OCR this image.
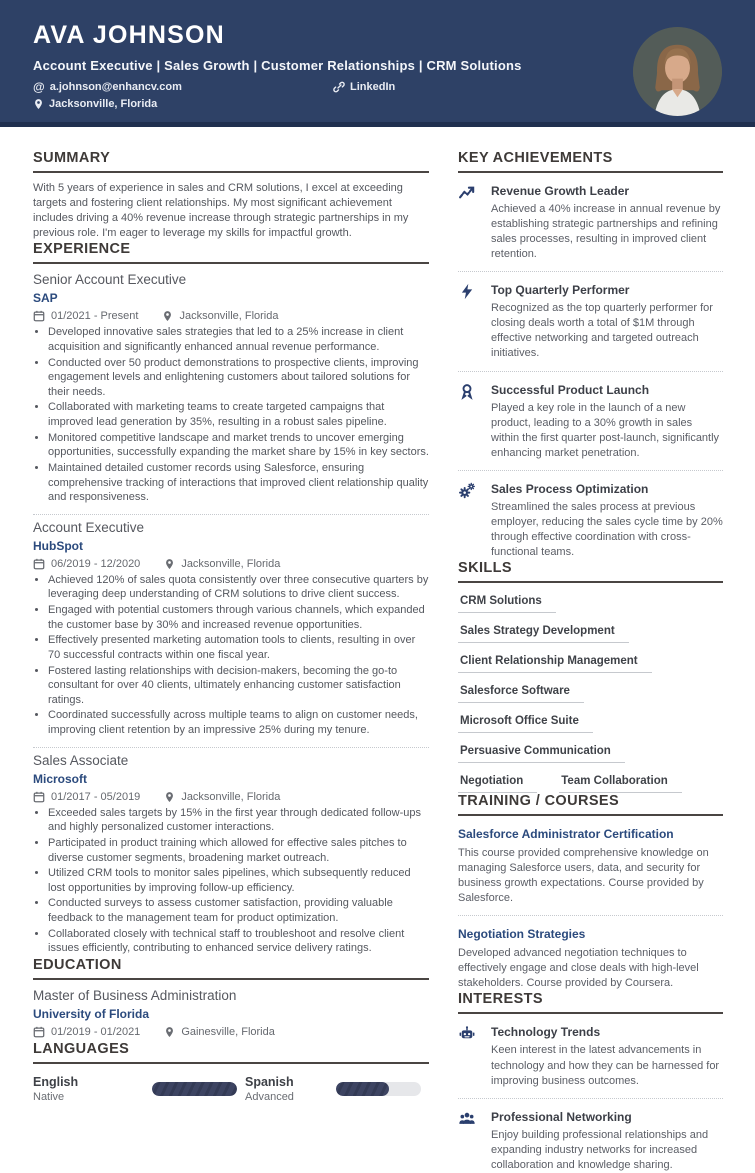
AVA JOHNSON
Account Executive | Sales Growth | Customer Relationships | CRM Solutions
@ a.johnson@enhancv.com	LinkedIn
Jacksonville, Florida
SUMMARY
With 5 years of experience in sales and CRM solutions, I excel at exceeding targets and fostering client relationships. My most significant achievement includes driving a 40% revenue increase through strategic partnerships in my previous role. I'm eager to leverage my skills for impactful growth.
EXPERIENCE
Senior Account Executive
SAP
01/2021 - Present	Jacksonville, Florida
• Developed innovative sales strategies that led to a 25% increase in client acquisition and significantly enhanced annual revenue performance.
• Conducted over 50 product demonstrations to prospective clients, improving engagement levels and enlightening customers about tailored solutions for their needs.
• Collaborated with marketing teams to create targeted campaigns that improved lead generation by 35%, resulting in a robust sales pipeline.
• Monitored competitive landscape and market trends to uncover emerging opportunities, successfully expanding the market share by 15% in key sectors.
• Maintained detailed customer records using Salesforce, ensuring comprehensive tracking of interactions that improved client relationship quality and responsiveness.
Account Executive
HubSpot
06/2019 - 12/2020	Jacksonville, Florida
• Achieved 120% of sales quota consistently over three consecutive quarters by leveraging deep understanding of CRM solutions to drive client success.
• Engaged with potential customers through various channels, which expanded the customer base by 30% and increased revenue opportunities.
• Effectively presented marketing automation tools to clients, resulting in over 70 successful contracts within one fiscal year.
• Fostered lasting relationships with decision-makers, becoming the go-to consultant for over 40 clients, ultimately enhancing customer satisfaction ratings.
• Coordinated successfully across multiple teams to align on customer needs, improving client retention by an impressive 25% during my tenure.
Sales Associate
Microsoft
01/2017 - 05/2019	Jacksonville, Florida
• Exceeded sales targets by 15% in the first year through dedicated follow-ups and highly personalized customer interactions.
• Participated in product training which allowed for effective sales pitches to diverse customer segments, broadening market outreach.
• Utilized CRM tools to monitor sales pipelines, which subsequently reduced lost opportunities by improving follow-up efficiency.
• Conducted surveys to assess customer satisfaction, providing valuable feedback to the management team for product optimization.
• Collaborated closely with technical staff to troubleshoot and resolve client issues efficiently, contributing to enhanced service delivery ratings.
EDUCATION
Master of Business Administration
University of Florida
01/2019 - 01/2021	Gainesville, Florida
LANGUAGES
English
Native
Spanish
Advanced
KEY ACHIEVEMENTS
Revenue Growth Leader
Achieved a 40% increase in annual revenue by establishing strategic partnerships and refining sales processes, resulting in improved client retention.
Top Quarterly Performer
Recognized as the top quarterly performer for closing deals worth a total of $1M through effective networking and targeted outreach initiatives.
Successful Product Launch
Played a key role in the launch of a new product, leading to a 30% growth in sales within the first quarter post-launch, significantly enhancing market penetration.
Sales Process Optimization
Streamlined the sales process at previous employer, reducing the sales cycle time by 20% through effective coordination with cross-functional teams.
SKILLS
CRM Solutions
Sales Strategy Development
Client Relationship Management
Salesforce Software
Microsoft Office Suite
Persuasive Communication
Negotiation	Team Collaboration
TRAINING / COURSES
Salesforce Administrator Certification
This course provided comprehensive knowledge on managing Salesforce users, data, and security for business growth expectations. Course provided by Salesforce.
Negotiation Strategies
Developed advanced negotiation techniques to effectively engage and close deals with high-level stakeholders. Course provided by Coursera.
INTERESTS
Technology Trends
Keen interest in the latest advancements in technology and how they can be harnessed for improving business outcomes.
Professional Networking
Enjoy building professional relationships and expanding industry networks for increased collaboration and knowledge sharing.
